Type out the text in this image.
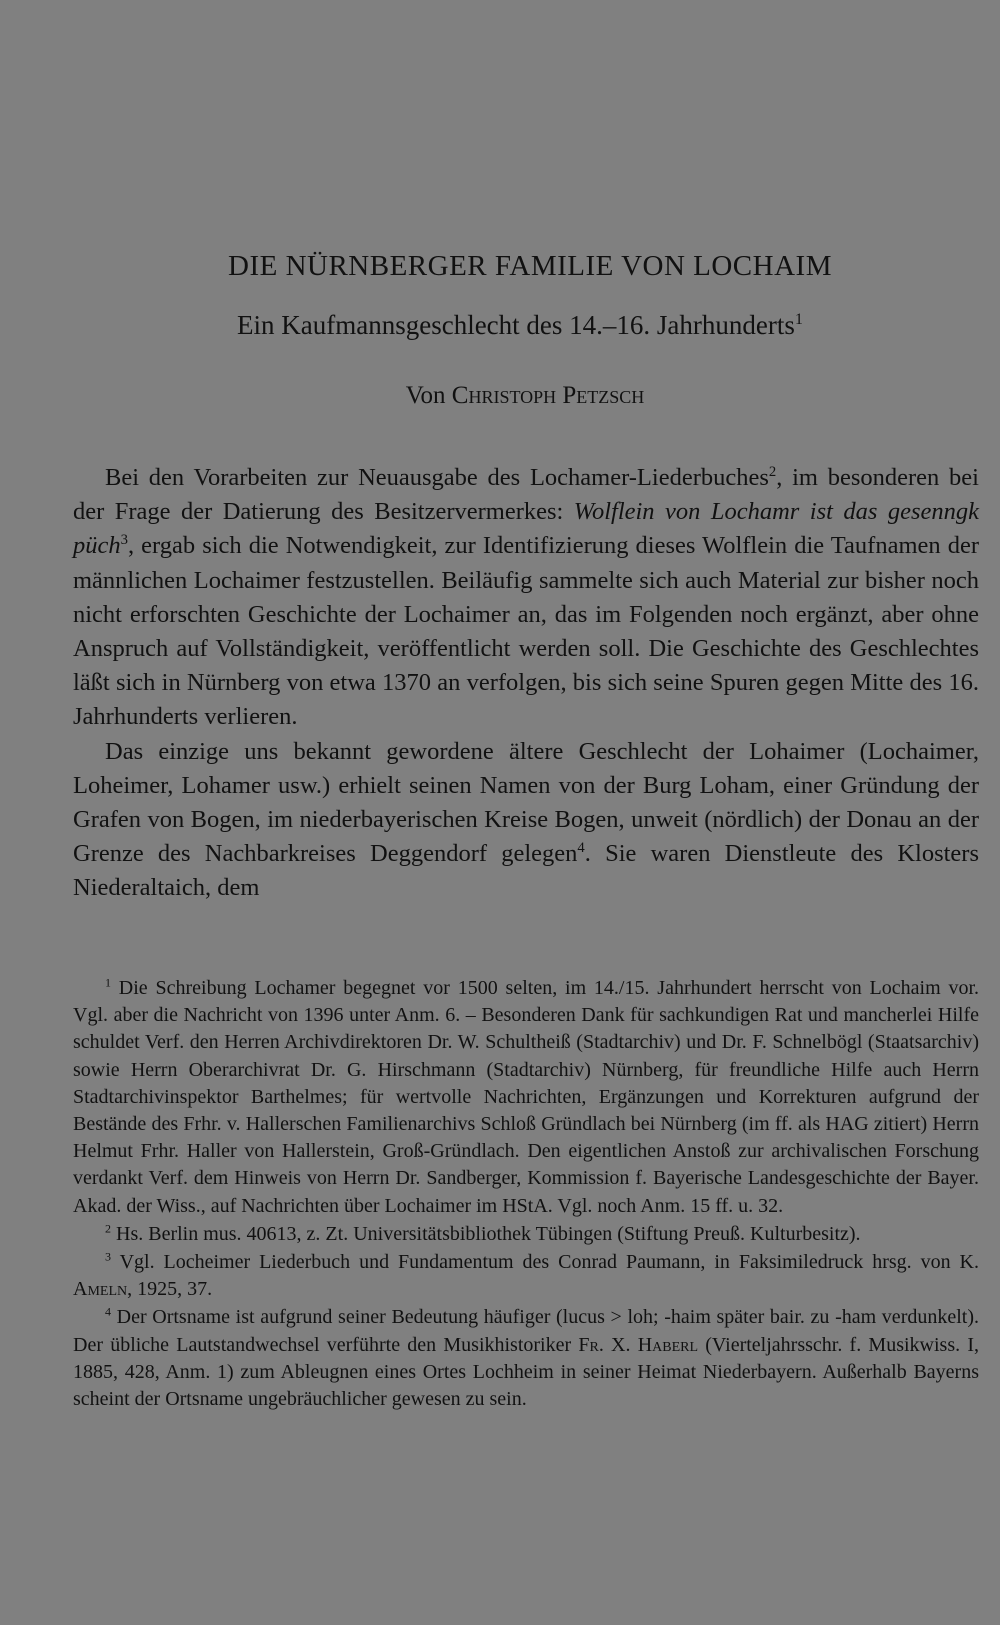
DIE NÜRNBERGER FAMILIE VON LOCHAIM
Ein Kaufmannsgeschlecht des 14.–16. Jahrhunderts$^1$
Von Christoph Petzsch

Bei den Vorarbeiten zur Neuausgabe des Lochamer-Liederbuches$^2$, im besonderen bei der Frage der Datierung des Besitzervermerkes: Wolflein von Lochamr ist das gesenngk püch$^3$, ergab sich die Notwendigkeit, zur Identifizierung dieses Wolflein die Taufnamen der männlichen Lochaimer festzustellen. Beiläufig sammelte sich auch Material zur bisher noch nicht erforschten Geschichte der Lochaimer an, das im Folgenden noch ergänzt, aber ohne Anspruch auf Vollständigkeit, veröffentlicht werden soll. Die Geschichte des Geschlechtes läßt sich in Nürnberg von etwa 1370 an verfolgen, bis sich seine Spuren gegen Mitte des 16. Jahrhunderts verlieren.

Das einzige uns bekannt gewordene ältere Geschlecht der Lohaimer (Lochaimer, Loheimer, Lohamer usw.) erhielt seinen Namen von der Burg Loham, einer Gründung der Grafen von Bogen, im niederbayerischen Kreise Bogen, unweit (nördlich) der Donau an der Grenze des Nachbarkreises Deggendorf gelegen$^4$. Sie waren Dienstleute des Klosters Niederaltaich, dem

$^1$ Die Schreibung Lochamer begegnet vor 1500 selten, im 14./15. Jahrhundert herrscht von Lochaim vor. Vgl. aber die Nachricht von 1396 unter Anm. 6. – Besonderen Dank für sachkundigen Rat und mancherlei Hilfe schuldet Verf. den Herren Archivdirektoren Dr. W. Schultheiß (Stadtarchiv) und Dr. F. Schnelbögl (Staatsarchiv) sowie Herrn Oberarchivrat Dr. G. Hirschmann (Stadtarchiv) Nürnberg, für freundliche Hilfe auch Herrn Stadtarchivinspektor Barthelmes; für wertvolle Nachrichten, Ergänzungen und Korrekturen aufgrund der Bestände des Frhr. v. Hallerschen Familienarchivs Schloß Gründlach bei Nürnberg (im ff. als HAG zitiert) Herrn Helmut Frhr. Haller von Hallerstein, Groß-Gründlach. Den eigentlichen Anstoß zur archivalischen Forschung verdankt Verf. dem Hinweis von Herrn Dr. Sandberger, Kommission f. Bayerische Landesgeschichte der Bayer. Akad. der Wiss., auf Nachrichten über Lochaimer im HStA. Vgl. noch Anm. 15 ff. u. 32.

$^2$ Hs. Berlin mus. 40613, z. Zt. Universitätsbibliothek Tübingen (Stiftung Preuß. Kulturbesitz).

$^3$ Vgl. Locheimer Liederbuch und Fundamentum des Conrad Paumann, in Faksimiledruck hrsg. von K. Ameln, 1925, 37.

$^4$ Der Ortsname ist aufgrund seiner Bedeutung häufiger (lucus > loh; -haim später bair. zu -ham verdunkelt). Der übliche Lautstandwechsel verführte den Musikhistoriker Fr. X. Haberl (Vierteljahrsschr. f. Musikwiss. I, 1885, 428, Anm. 1) zum Ableugnen eines Ortes Lochheim in seiner Heimat Niederbayern. Außerhalb Bayerns scheint der Ortsname ungebräuchlicher gewesen zu sein.
